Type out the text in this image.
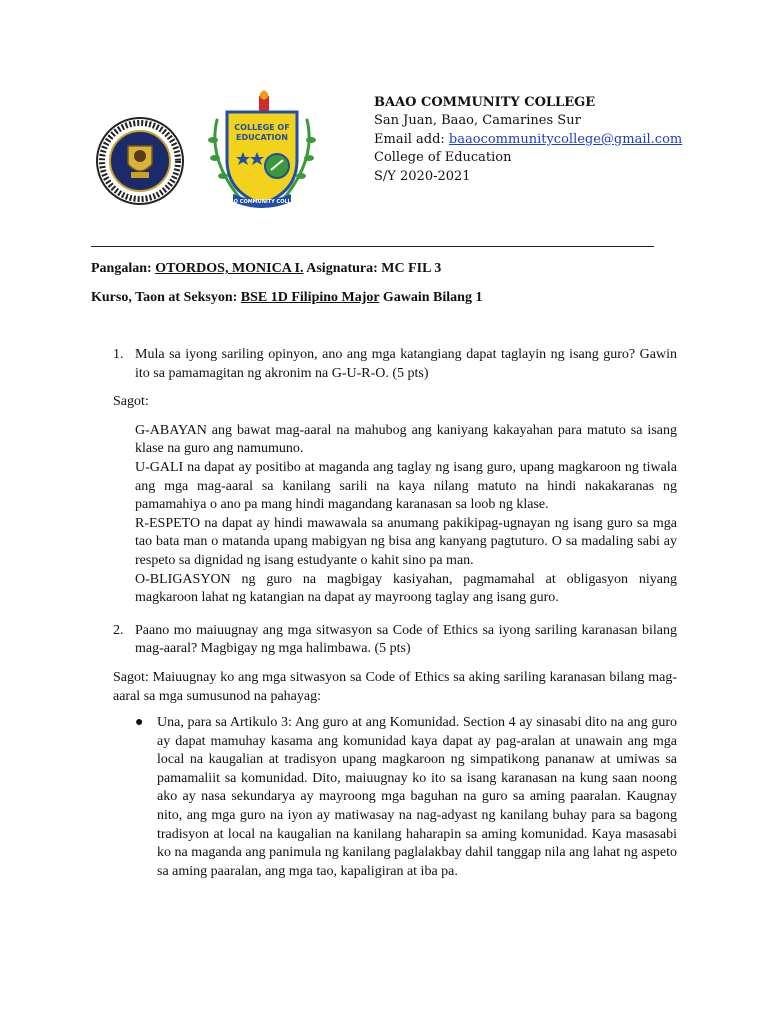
COLLEGE OF
EDUCATION
BAAO COMMUNITY COLLEGE
BAAO COMMUNITY COLLEGE
San Juan, Baao, Camarines Sur
Email add: baaocommunitycollege@gmail.com
College of Education
S/Y 2020-2021
Pangalan: OTORDOS, MONICA I. Asignatura: MC FIL 3
Kurso, Taon at Seksyon: BSE 1D Filipino Major Gawain Bilang 1
1. Mula sa iyong sariling opinyon, ano ang mga katangiang dapat taglayin ng isang guro? Gawin ito sa pamamagitan ng akronim na G-U-R-O. (5 pts)
Sagot:

G-ABAYAN ang bawat mag-aaral na mahubog ang kaniyang kakayahan para matuto sa isang klase na guro ang namumuno.

U-GALI na dapat ay positibo at maganda ang taglay ng isang guro, upang magkaroon ng tiwala ang mga mag-aaral sa kanilang sarili na kaya nilang matuto na hindi nakakaranas ng pamamahiya o ano pa mang hindi magandang karanasan sa loob ng klase.

R-ESPETO na dapat ay hindi mawawala sa anumang pakikipag-ugnayan ng isang guro sa mga tao bata man o matanda upang mabigyan ng bisa ang kanyang pagtuturo. O sa madaling sabi ay respeto sa dignidad ng isang estudyante o kahit sino pa man.

O-BLIGASYON ng guro na magbigay kasiyahan, pagmamahal at obligasyon niyang magkaroon lahat ng katangian na dapat ay mayroong taglay ang isang guro.

2. Paano mo maiuugnay ang mga sitwasyon sa Code of Ethics sa iyong sariling karanasan bilang mag-aaral? Magbigay ng mga halimbawa. (5 pts)
Sagot: Maiuugnay ko ang mga sitwasyon sa Code of Ethics sa aking sariling karanasan bilang mag-aaral sa mga sumusunod na pahayag:
● Una, para sa Artikulo 3: Ang guro at ang Komunidad. Section 4 ay sinasabi dito na ang guro ay dapat mamuhay kasama ang komunidad kaya dapat ay pag-aralan at unawain ang mga local na kaugalian at tradisyon upang magkaroon ng simpatikong pananaw at umiwas sa pamamaliit sa komunidad. Dito, maiuugnay ko ito sa isang karanasan na kung saan noong ako ay nasa sekundarya ay mayroong mga baguhan na guro sa aming paaralan. Kaugnay nito, ang mga guro na iyon ay matiwasay na nag-adyast ng kanilang buhay para sa bagong tradisyon at local na kaugalian na kanilang haharapin sa aming komunidad. Kaya masasabi ko na maganda ang panimula ng kanilang paglalakbay dahil tanggap nila ang lahat ng aspeto sa aming paaralan, ang mga tao, kapaligiran at iba pa.
